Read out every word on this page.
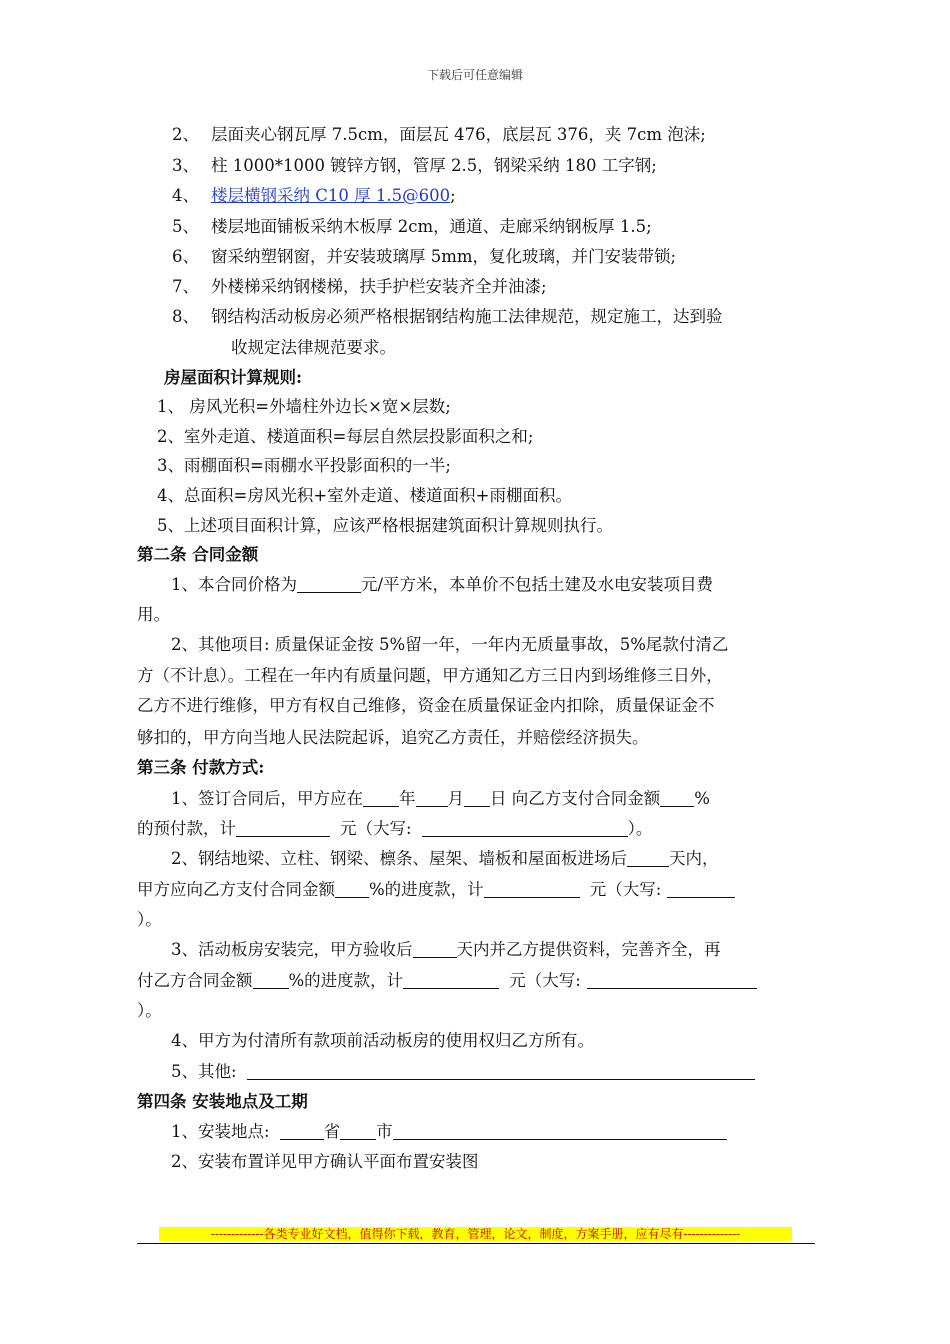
下载后可任意编辑
2、 层面夹心钢瓦厚 7.5cm，面层瓦 476，底层瓦 376，夹 7cm 泡沫;
3、 柱 1000*1000 镀锌方钢，管厚 2.5，钢梁采纳 180 工字钢;
4、 楼层横钢采纳 C10 厚 1.5@600;
5、 楼层地面铺板采纳木板厚 2cm，通道、走廊采纳钢板厚 1.5;
6、 窗采纳塑钢窗，并安装玻璃厚 5mm，复化玻璃，并门安装带锁;
7、 外楼梯采纳钢楼梯，扶手护栏安装齐全并油漆;
8、 钢结构活动板房必须严格根据钢结构施工法律规范，规定施工，达到验
收规定法律规范要求。
房屋面积计算规则:
1、 房风光积=外墙柱外边长×宽×层数;
2、室外走道、楼道面积=每层自然层投影面积之和;
3、雨棚面积=雨棚水平投影面积的一半;
4、总面积=房风光积+室外走道、楼道面积+雨棚面积。
5、上述项目面积计算，应该严格根据建筑面积计算规则执行。
第二条 合同金额
1、本合同价格为	元/平方米，本单价不包括土建及水电安装项目费
用。
2、其他项目: 质量保证金按 5%留一年，一年内无质量事故，5%尾款付清乙
方（不计息）。工程在一年内有质量问题，甲方通知乙方三日内到场维修三日外，
乙方不进行维修，甲方有权自己维修，资金在质量保证金内扣除，质量保证金不
够扣的，甲方向当地人民法院起诉，追究乙方责任，并赔偿经济损失。
第三条 付款方式:
1、签订合同后，甲方应在 年 月 日 向乙方支付合同金额 %
的预付款，计	元（大写:	）。
2、钢结地梁、立柱、钢梁、檩条、屋架、墙板和屋面板进场后	天内，
甲方应向乙方支付合同金额 %的进度款，计	元（大写:
）。
3、活动板房安装完，甲方验收后	天内并乙方提供资料，完善齐全，再
付乙方合同金额 %的进度款，计	元（大写:
）。
4、甲方为付清所有款项前活动板房的使用权归乙方所有。
5、其他:
第四条 安装地点及工期
1、安装地点:	省 市
2、安装布置详见甲方确认平面布置安装图
-------------各类专业好文档，值得你下载，教育，管理，论文，制度，方案手册，应有尽有--------------
